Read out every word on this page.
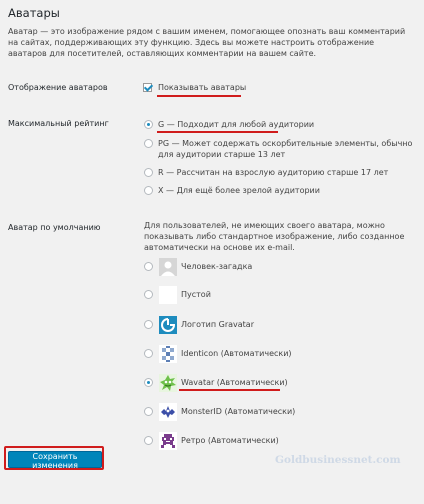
Аватары
Аватар — это изображение рядом с вашим именем, помогающее опознать ваш комментарий на сайтах, поддерживающих эту функцию. Здесь вы можете настроить отображение аватаров для посетителей, оставляющих комментарии на вашем сайте.
Отображение аватаров	Показывать аватары
Максимальный рейтинг	G — Подходит для любой аудитории
PG — Может содержать оскорбительные элементы, обычно для аудитории старше 13 лет
R — Рассчитан на взрослую аудиторию старше 17 лет
X — Для ещё более зрелой аудитории
Аватар по умолчанию	Для пользователей, не имеющих своего аватара, можно показывать либо стандартное изображение, либо созданное автоматически на основе их e-mail.
Человек-загадка
Пустой
Логотип Gravatar
Identicon (Автоматически)
Wavatar (Автоматически)
MonsterID (Автоматически)
Ретро (Автоматически)
Сохранить изменения	Goldbusinessnet.com
